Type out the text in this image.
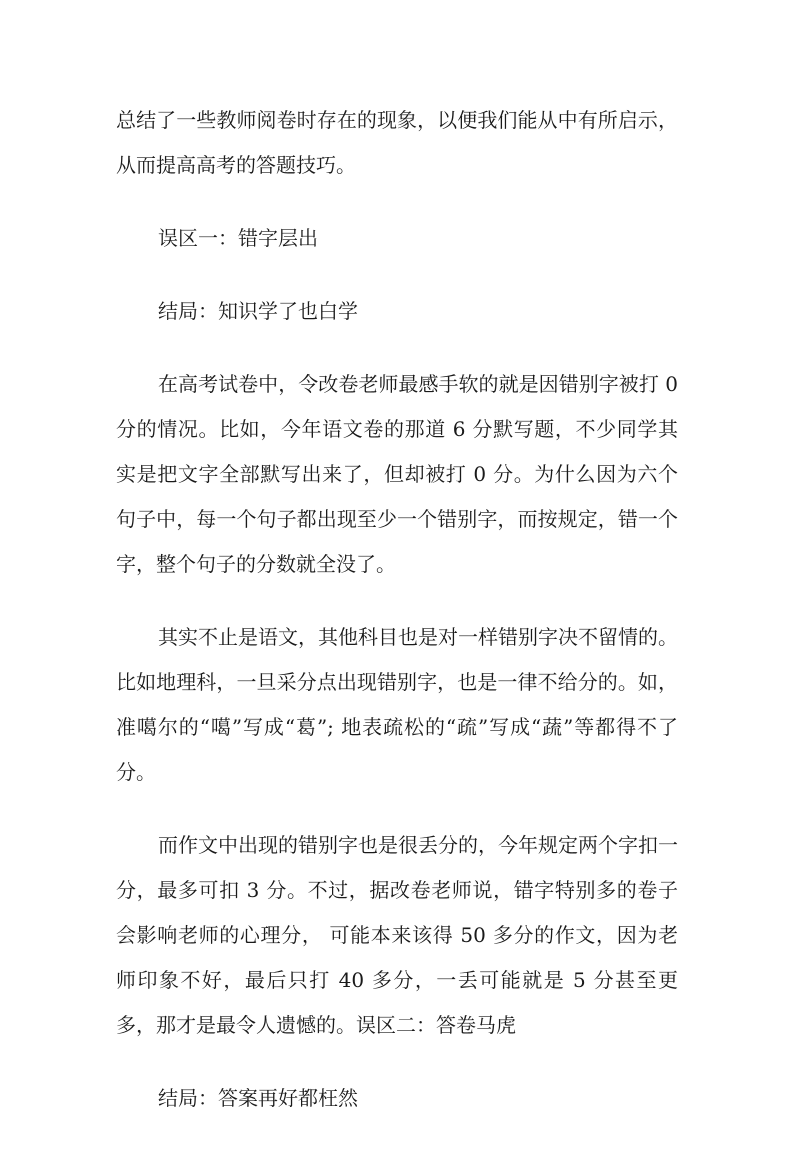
总结了一些教师阅卷时存在的现象，以便我们能从中有所启示，从而提高高考的答题技巧。

误区一：错字层出

结局：知识学了也白学

在高考试卷中，令改卷老师最感手软的就是因错别字被打 0 分的情况。比如，今年语文卷的那道 6 分默写题，不少同学其实是把文字全部默写出来了，但却被打 0 分。为什么因为六个句子中，每一个句子都出现至少一个错别字，而按规定，错一个字，整个句子的分数就全没了。

其实不止是语文，其他科目也是对一样错别字决不留情的。比如地理科，一旦采分点出现错别字，也是一律不给分的。如，准噶尔的“噶”写成“葛”; 地表疏松的“疏”写成“蔬”等都得不了分。

而作文中出现的错别字也是很丢分的，今年规定两个字扣一分，最多可扣 3 分。不过，据改卷老师说，错字特别多的卷子会影响老师的心理分， 可能本来该得 50 多分的作文，因为老师印象不好，最后只打 40 多分，一丢可能就是 5 分甚至更多，那才是最令人遗憾的。误区二：答卷马虎

结局：答案再好都枉然
